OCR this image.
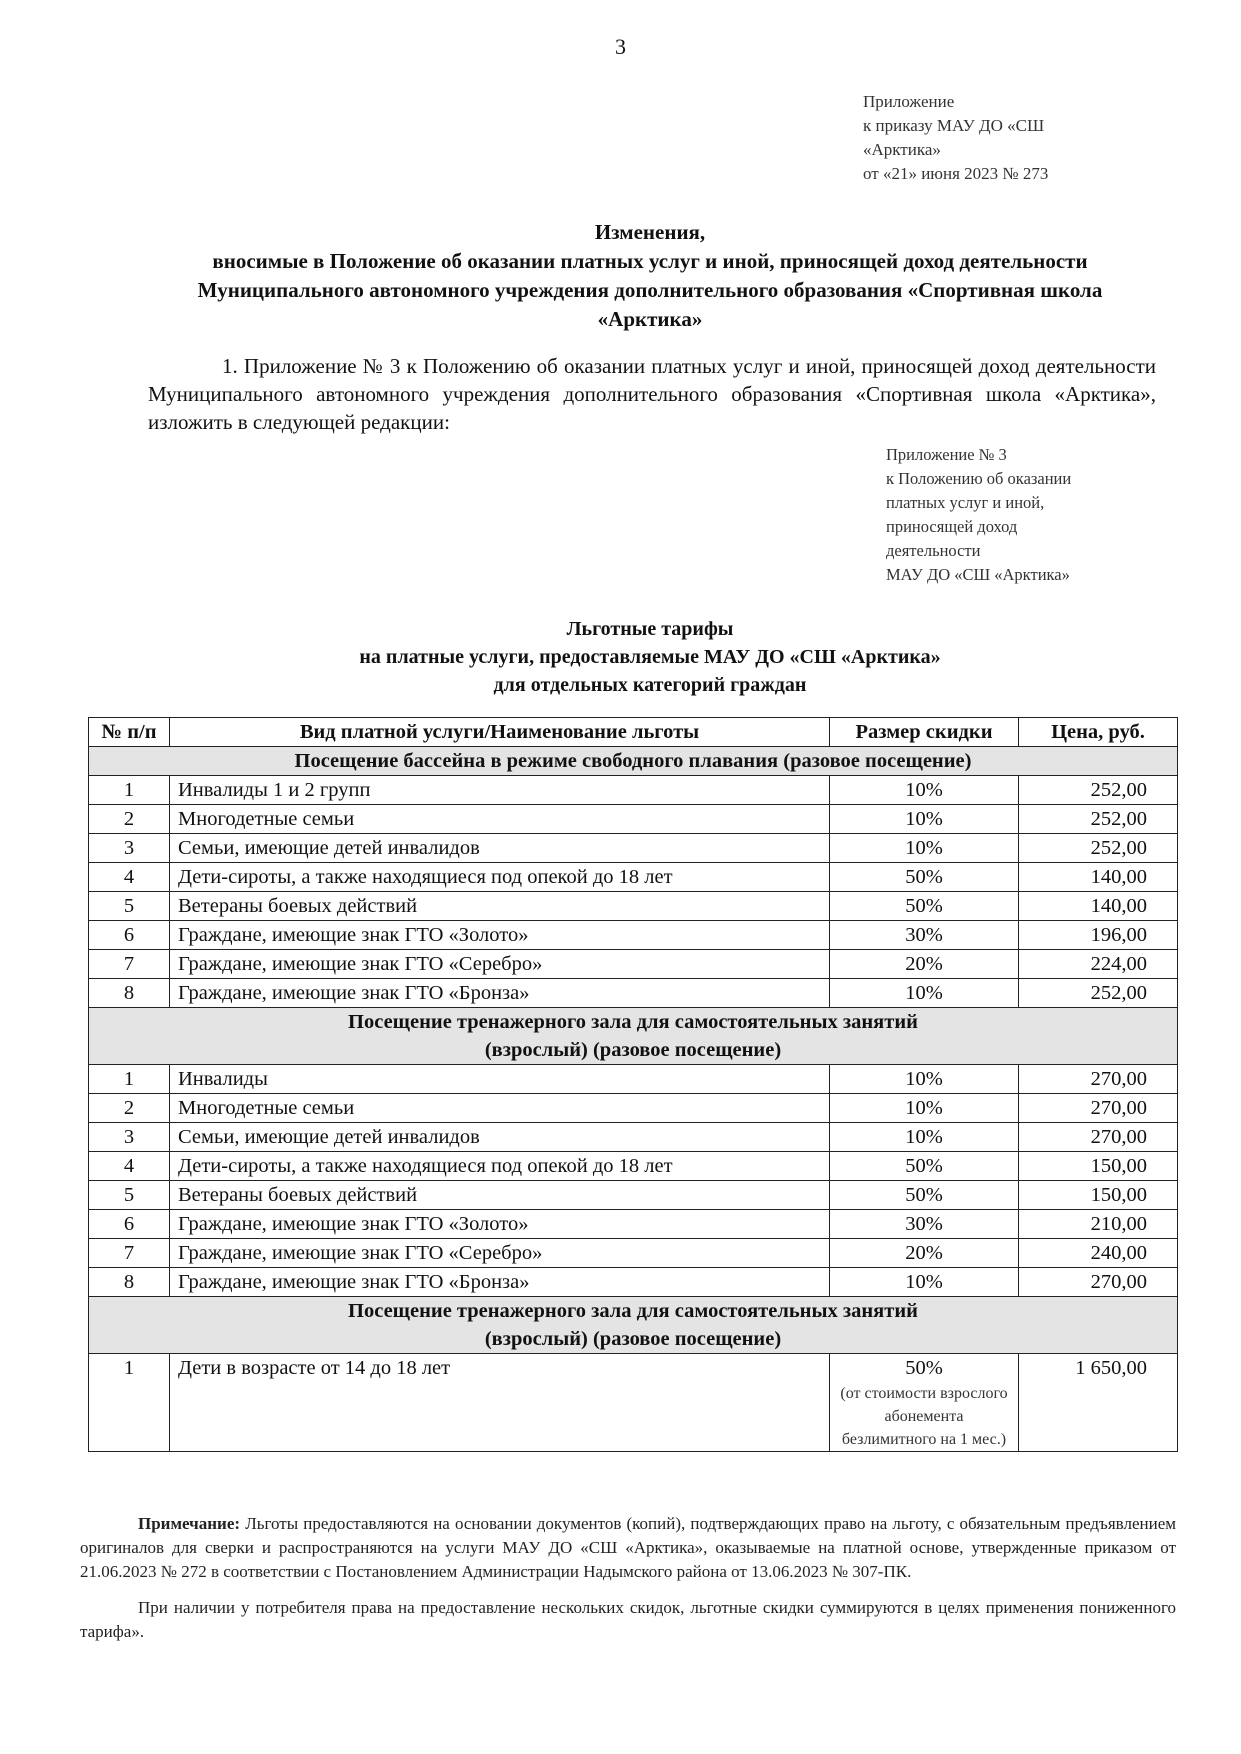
3
Приложение
к приказу МАУ ДО «СШ
«Арктика»
от «21» июня 2023 № 273
Изменения,
вносимые в Положение об оказании платных услуг и иной, приносящей доход деятельности
Муниципального автономного учреждения дополнительного образования «Спортивная школа
«Арктика»
1. Приложение № 3 к Положению об оказании платных услуг и иной, приносящей доход деятельности Муниципального автономного учреждения дополнительного образования «Спортивная школа «Арктика», изложить в следующей редакции:
Приложение № 3
к Положению об оказании
платных услуг и иной,
приносящей доход
деятельности
МАУ ДО «СШ «Арктика»
Льготные тарифы
на платные услуги, предоставляемые МАУ ДО «СШ «Арктика»
для отдельных категорий граждан
№ п/п	Вид платной услуги/Наименование льготы	Размер скидки	Цена, руб.
Посещение бассейна в режиме свободного плавания (разовое посещение)			
1	Инвалиды 1 и 2 групп	10%	252,00
2	Многодетные семьи	10%	252,00
3	Семьи, имеющие детей инвалидов	10%	252,00
4	Дети-сироты, а также находящиеся под опекой до 18 лет	50%	140,00
5	Ветераны боевых действий	50%	140,00
6	Граждане, имеющие знак ГТО «Золото»	30%	196,00
7	Граждане, имеющие знак ГТО «Серебро»	20%	224,00
8	Граждане, имеющие знак ГТО «Бронза»	10%	252,00

Посещение тренажерного зала для самостоятельных занятий
(взрослый) (разовое посещение)			

1	Инвалиды	10%	270,00
2	Многодетные семьи	10%	270,00
3	Семьи, имеющие детей инвалидов	10%	270,00
4	Дети-сироты, а также находящиеся под опекой до 18 лет	50%	150,00
5	Ветераны боевых действий	50%	150,00
6	Граждане, имеющие знак ГТО «Золото»	30%	210,00
7	Граждане, имеющие знак ГТО «Серебро»	20%	240,00
8	Граждане, имеющие знак ГТО «Бронза»	10%	270,00

Посещение тренажерного зала для самостоятельных занятий
(взрослый) (разовое посещение)			

1	Дети в возрасте от 14 до 18 лет	50%
(от стоимости взрослого абонемента безлимитного на 1 мес.)	1 650,00

Примечание: Льготы предоставляются на основании документов (копий), подтверждающих право на льготу, с обязательным предъявлением оригиналов для сверки и распространяются на услуги МАУ ДО «СШ «Арктика», оказываемые на платной основе, утвержденные приказом от 21.06.2023 № 272 в соответствии с Постановлением Администрации Надымского района от 13.06.2023 № 307-ПК.

При наличии у потребителя права на предоставление нескольких скидок, льготные скидки суммируются в целях применения пониженного тарифа».
